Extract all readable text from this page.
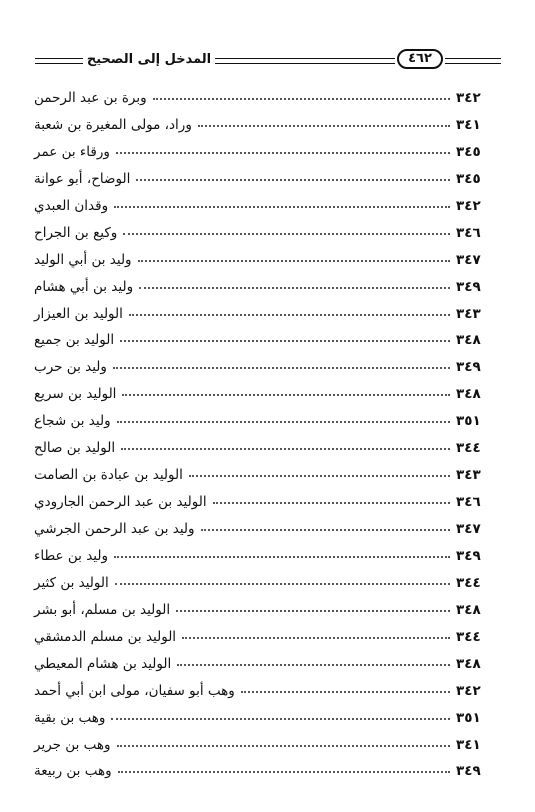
المدخل إلى الصحيح	٤٦٢
وبرة بن عبد الرحمن	٣٤٢
وراد، مولى المغيرة بن شعبة	٣٤١
ورقاء بن عمر	٣٤٥
الوضاح، أبو عوانة	٣٤٥
وقدان العبدي	٣٤٢
وكيع بن الجراح	٣٤٦
وليد بن أبي الوليد	٣٤٧
وليد بن أبي هشام	٣٤٩
الوليد بن العيزار	٣٤٣
الوليد بن جميع	٣٤٨
وليد بن حرب	٣٤٩
الوليد بن سريع	٣٤٨
وليد بن شجاع	٣٥١
الوليد بن صالح	٣٤٤
الوليد بن عبادة بن الصامت	٣٤٣
الوليد بن عبد الرحمن الجارودي	٣٤٦
وليد بن عبد الرحمن الجرشي	٣٤٧
وليد بن عطاء	٣٤٩
الوليد بن كثير	٣٤٤
الوليد بن مسلم، أبو بشر	٣٤٨
الوليد بن مسلم الدمشقي	٣٤٤
الوليد بن هشام المعيطي	٣٤٨
وهب أبو سفيان، مولى ابن أبي أحمد	٣٤٢
وهب بن بقية	٣٥١
وهب بن جرير	٣٤١
وهب بن ربيعة	٣٤٩
